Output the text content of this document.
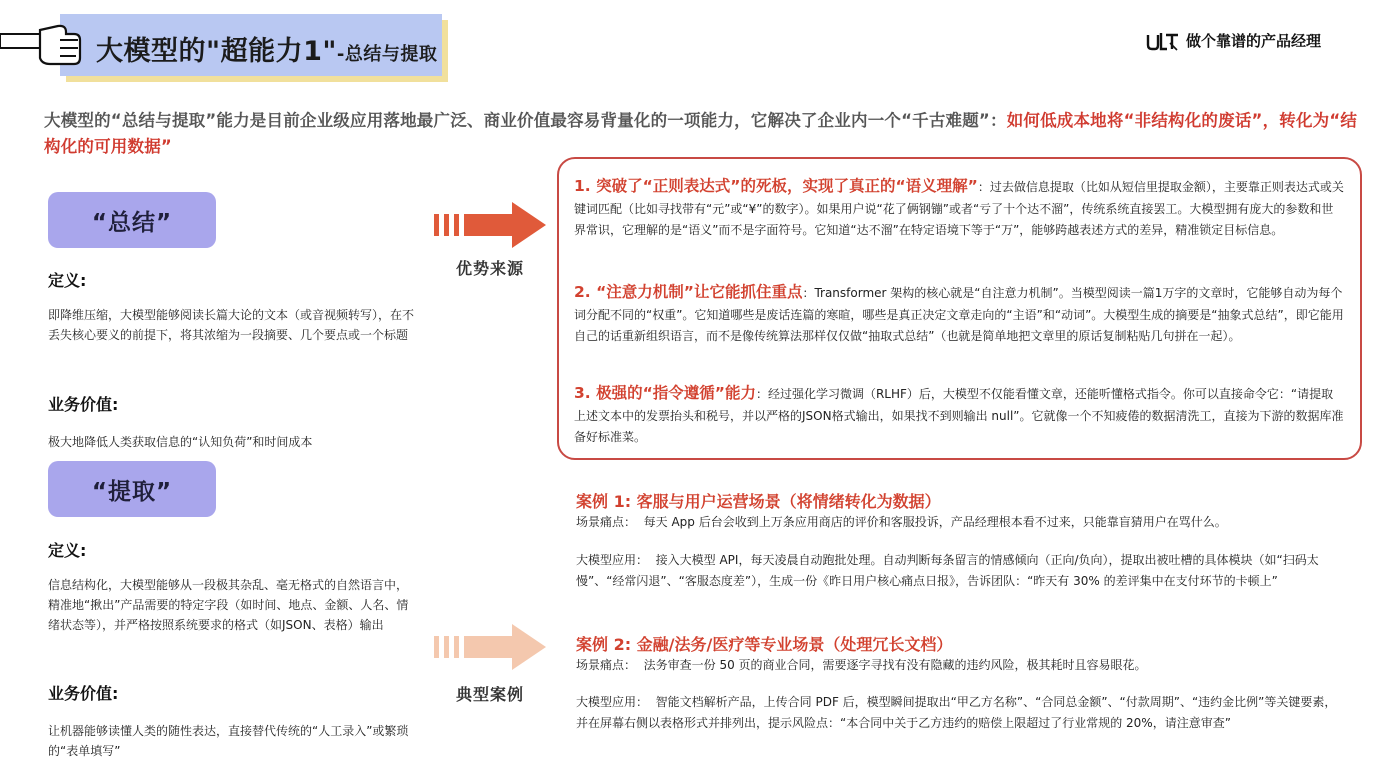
大模型的"超能力1"-总结与提取
做个靠谱的产品经理
大模型的“总结与提取”能力是目前企业级应用落地最广泛、商业价值最容易背量化的一项能力，它解决了企业内一个“千古难题”：如何低成本地将“非结构化的废话”，转化为“结构化的可用数据”
“总结”
定义:
即降维压缩，大模型能够阅读长篇大论的文本（或音视频转写），在不丢失核心要义的前提下，将其浓缩为一段摘要、几个要点或一个标题
业务价值:
极大地降低人类获取信息的“认知负荷”和时间成本
“提取”
定义:
信息结构化，大模型能够从一段极其杂乱、毫无格式的自然语言中，精准地“揪出”产品需要的特定字段（如时间、地点、金额、人名、情绪状态等），并严格按照系统要求的格式（如JSON、表格）输出
业务价值:
让机器能够读懂人类的随性表达，直接替代传统的“人工录入”或繁琐的“表单填写”
优势来源
典型案例
1. 突破了“正则表达式”的死板，实现了真正的“语义理解”：过去做信息提取（比如从短信里提取金额），主要靠正则表达式或关键词匹配（比如寻找带有“元”或“¥”的数字）。如果用户说“花了俩钢镚”或者“亏了十个达不溜”，传统系统直接罢工。大模型拥有庞大的参数和世界常识，它理解的是“语义”而不是字面符号。它知道“达不溜”在特定语境下等于“万”，能够跨越表述方式的差异，精准锁定目标信息。
2. “注意力机制”让它能抓住重点：Transformer 架构的核心就是“自注意力机制”。当模型阅读一篇1万字的文章时，它能够自动为每个词分配不同的“权重”。它知道哪些是废话连篇的寒暄，哪些是真正决定文章走向的“主语”和“动词”。大模型生成的摘要是“抽象式总结”，即它能用自己的话重新组织语言，而不是像传统算法那样仅仅做“抽取式总结”（也就是简单地把文章里的原话复制粘贴几句拼在一起）。
3. 极强的“指令遵循”能力：经过强化学习微调（RLHF）后，大模型不仅能看懂文章，还能听懂格式指令。你可以直接命令它：“请提取上述文本中的发票抬头和税号，并以严格的JSON格式输出，如果找不到则输出 null”。它就像一个不知疲倦的数据清洗工，直接为下游的数据库准备好标准菜。
案例 1: 客服与用户运营场景（将情绪转化为数据）
场景痛点： 每天 App 后台会收到上万条应用商店的评价和客服投诉，产品经理根本看不过来，只能靠盲猜用户在骂什么。
大模型应用： 接入大模型 API，每天凌晨自动跑批处理。自动判断每条留言的情感倾向（正向/负向），提取出被吐槽的具体模块（如“扫码太慢”、“经常闪退”、“客服态度差”），生成一份《昨日用户核心痛点日报》，告诉团队：“昨天有 30% 的差评集中在支付环节的卡顿上”
案例 2: 金融/法务/医疗等专业场景（处理冗长文档）
场景痛点： 法务审查一份 50 页的商业合同，需要逐字寻找有没有隐藏的违约风险，极其耗时且容易眼花。
大模型应用： 智能文档解析产品，上传合同 PDF 后，模型瞬间提取出“甲乙方名称”、“合同总金额”、“付款周期”、“违约金比例”等关键要素，并在屏幕右侧以表格形式并排列出，提示风险点：“本合同中关于乙方违约的赔偿上限超过了行业常规的 20%，请注意审查”
